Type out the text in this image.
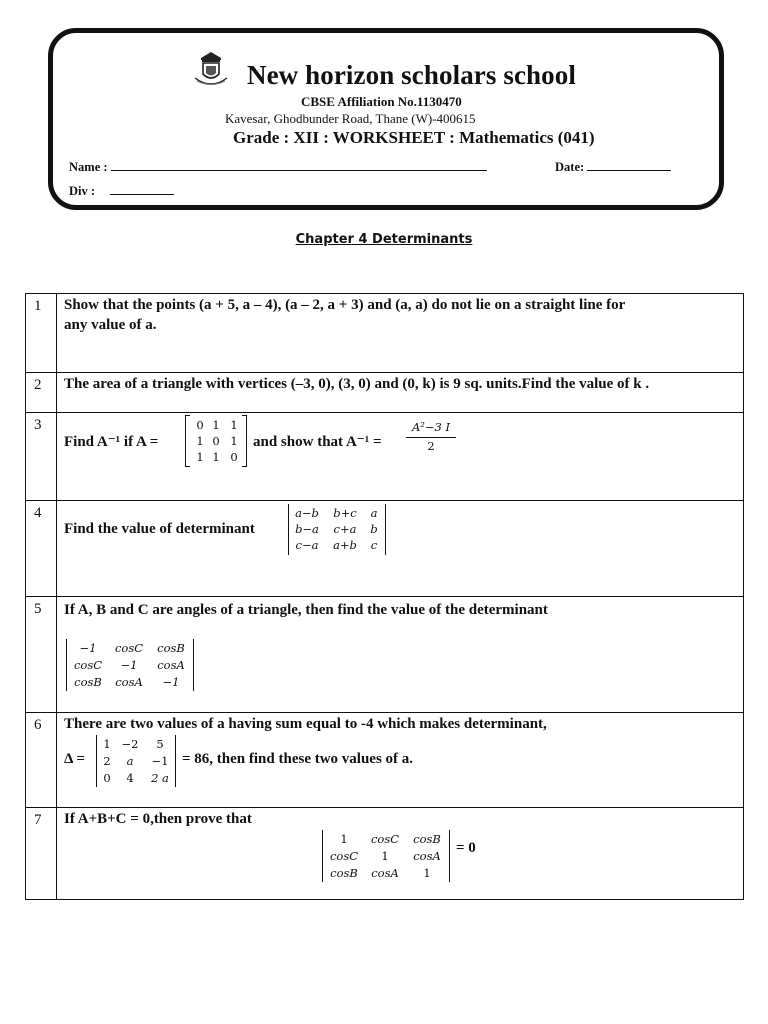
New horizon scholars school
CBSE Affiliation No.1130470
Kavesar, Ghodbunder Road, Thane (W)-400615
Grade : XII : WORKSHEET : Mathematics (041)
Name :	Date:
Div :
Chapter 4 Determinants
1 Show that the points (a + 5, a – 4), (a – 2, a + 3) and (a, a) do not lie on a straight line for
any value of a.
2 The area of a triangle with vertices (–3, 0), (3, 0) and (0, k) is 9 sq. units.Find the value of k .
3
Find A⁻¹ if A =
0 1 1
1 0 1
1 1 0
and show that A⁻¹ =
A²−3 I
2
4
Find the value of determinant
a−b	b+c	a
b−a	c+a	b
c−a	a+b	c
5 If A, B and C are angles of a triangle, then find the value of the determinant
−1	cosC	cosB
cosC	−1	cosA
cosB	cosA	−1
6 There are two values of a having sum equal to -4 which makes determinant,
Δ =
1 −2	5
2	a	−1
0	4	2 a
= 86, then find these two values of a.
7 If A+B+C = 0,then prove that
1	cosC	cosB
cosC	1	cosA
cosB	cosA	1
= 0
